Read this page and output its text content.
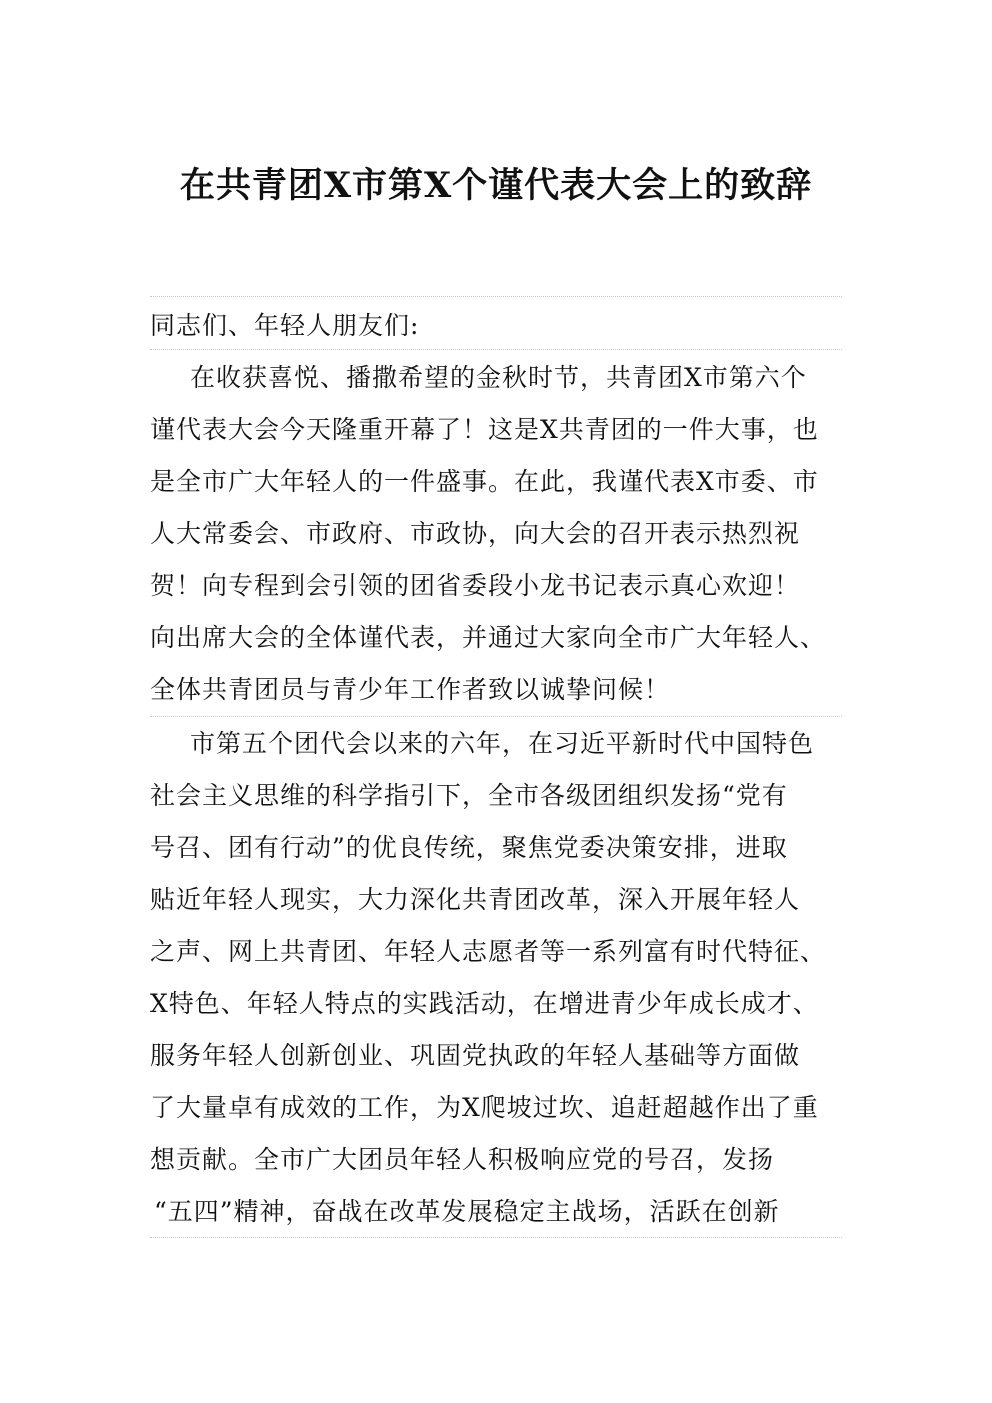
在共青团X市第X个谨代表大会上的致辞
同志们、年轻人朋友们:
在收获喜悦、播撒希望的金秋时节，共青团X市第六个
谨代表大会今天隆重开幕了！这是X共青团的一件大事，也
是全市广大年轻人的一件盛事。在此，我谨代表X市委、市
人大常委会、市政府、市政协，向大会的召开表示热烈祝
贺！向专程到会引领的团省委段小龙书记表示真心欢迎！
向出席大会的全体谨代表，并通过大家向全市广大年轻人、
全体共青团员与青少年工作者致以诚挚问候！
市第五个团代会以来的六年，在习近平新时代中国特色
社会主义思维的科学指引下，全市各级团组织发扬“党有
号召、团有行动”的优良传统，聚焦党委决策安排，进取
贴近年轻人现实，大力深化共青团改革，深入开展年轻人
之声、网上共青团、年轻人志愿者等一系列富有时代特征、
X特色、年轻人特点的实践活动，在增进青少年成长成才、
服务年轻人创新创业、巩固党执政的年轻人基础等方面做
了大量卓有成效的工作，为X爬坡过坎、追赶超越作出了重
想贡献。全市广大团员年轻人积极响应党的号召，发扬
“五四”精神，奋战在改革发展稳定主战场，活跃在创新
